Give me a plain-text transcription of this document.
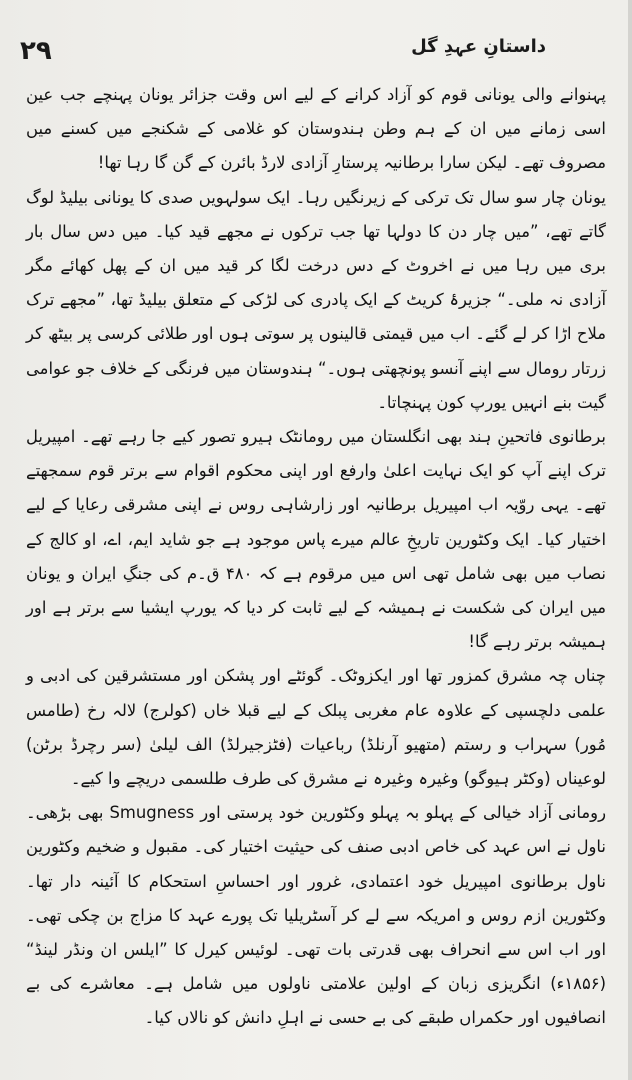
۲۹	داستانِ عہدِ گل

پہنوانے والی یونانی قوم کو آزاد کرانے کے لیے اس وقت جزائر یونان پہنچے جب عین اسی زمانے میں ان کے ہم وطن ہندوستان کو غلامی کے شکنجے میں کسنے میں مصروف تھے۔ لیکن سارا برطانیہ پرستارِ آزادی لارڈ بائرن کے گن گا رہا تھا!

یونان چار سو سال تک ترکی کے زیرنگیں رہا۔ ایک سولہویں صدی کا یونانی بیلیڈ لوگ گاتے تھے، ”میں چار دن کا دولہا تھا جب ترکوں نے مجھے قید کیا۔ میں دس سال بار بری میں رہا میں نے اخروٹ کے دس درخت لگا کر قید میں ان کے پھل کھائے مگر آزادی نہ ملی۔“ جزیرۂ کریٹ کے ایک پادری کی لڑکی کے متعلق بیلیڈ تھا، ”مجھے ترک ملاح اڑا کر لے گئے۔ اب میں قیمتی قالینوں پر سوتی ہوں اور طلائی کرسی پر بیٹھ کر زرتار رومال سے اپنے آنسو پونچھتی ہوں۔“ ہندوستان میں فرنگی کے خلاف جو عوامی گیت بنے انہیں یورپ کون پہنچاتا۔

برطانوی فاتحینِ ہند بھی انگلستان میں رومانٹک ہیرو تصور کیے جا رہے تھے۔ امپیریل ترک اپنے آپ کو ایک نہایت اعلیٰ وارفع اور اپنی محکوم اقوام سے برتر قوم سمجھتے تھے۔ یہی روّیہ اب امپیریل برطانیہ اور زارشاہی روس نے اپنی مشرقی رعایا کے لیے اختیار کیا۔ ایک وکٹورین تاریخِ عالم میرے پاس موجود ہے جو شاید ایم، اے، او کالج کے نصاب میں بھی شامل تھی اس میں مرقوم ہے کہ ۴۸۰ ق۔م کی جنگِ ایران و یونان میں ایران کی شکست نے ہمیشہ کے لیے ثابت کر دیا کہ یورپ ایشیا سے برتر ہے اور ہمیشہ برتر رہے گا!

چناں چہ مشرق کمزور تھا اور ایکزوٹک۔ گوئٹے اور پشکن اور مستشرقین کی ادبی و علمی دلچسپی کے علاوہ عام مغربی پبلک کے لیے قبلا خاں (کولرج) لالہ رخ (طامس مُور) سہراب و رستم (متھیو آرنلڈ) رباعیات (فٹزجیرلڈ) الف لیلیٰ (سر رچرڈ برٹن) لوعیناں (وکٹر ہیوگو) وغیرہ وغیرہ نے مشرق کی طرف طلسمی دریچے وا کیے۔

رومانی آزاد خیالی کے پہلو بہ پہلو وکٹورین خود پرستی اور Smugness بھی بڑھی۔ ناول نے اس عہد کی خاص ادبی صنف کی حیثیت اختیار کی۔ مقبول و ضخیم وکٹورین ناول برطانوی امپیریل خود اعتمادی، غرور اور احساسِ استحکام کا آئینہ دار تھا۔ وکٹورین ازم روس و امریکہ سے لے کر آسٹریلیا تک پورے عہد کا مزاج بن چکی تھی۔ اور اب اس سے انحراف بھی قدرتی بات تھی۔ لوئیس کیرل کا ”ایلس ان ونڈر لینڈ“ (۱۸۵۶ء) انگریزی زبان کے اولین علامتی ناولوں میں شامل ہے۔ معاشرے کی بے انصافیوں اور حکمراں طبقے کی بے حسی نے اہلِ دانش کو نالاں کیا۔
